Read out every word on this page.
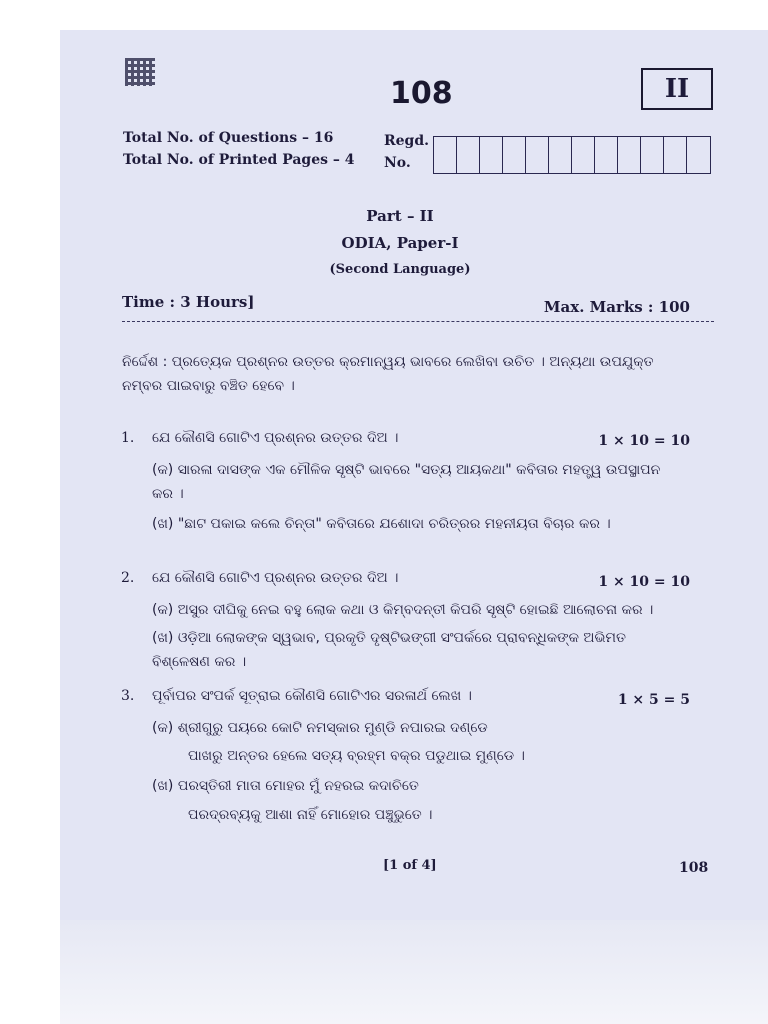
108	II
Total No. of Questions – 16
Total No. of Printed Pages – 4
Regd.
No.
Part – II
ODIA, Paper-I
(Second Language)
Time : 3 Hours]	Max. Marks : 100
ନିର୍ଦ୍ଦେଶ : ପ୍ରତ୍ୟେକ ପ୍ରଶ୍ନର ଉତ୍ତର କ୍ରମାନ୍ୱୟ ଭାବରେ ଲେଖିବା ଉଚିତ । ଅନ୍ୟଥା ଉପଯୁକ୍ତ ନମ୍ବର ପାଇବାରୁ ବଞ୍ଚିତ ହେବେ ।
1. ଯେ କୌଣସି ଗୋଟିଏ ପ୍ରଶ୍ନର ଉତ୍ତର ଦିଅ ।	1 × 10 = 10
(କ) ସାରଳା ଦାସଙ୍କ ଏକ ମୌଳିକ ସୃଷ୍ଟି ଭାବରେ "ସତ୍ୟ ଆୟକଥା" କବିତାର ମହତ୍ତ୍ୱ ଉପସ୍ଥାପନ କର ।
(ଖ) "ଛାଟ ପକାଇ କଲେ ଚିନ୍ତା" କବିତାରେ ଯଶୋଦା ଚରିତ୍ରର ମହନୀୟତା ବିଚାର କର ।
2. ଯେ କୌଣସି ଗୋଟିଏ ପ୍ରଶ୍ନର ଉତ୍ତର ଦିଅ ।	1 × 10 = 10
(କ) ଅସୁର ଦୀଘିକୁ ନେଇ ବହୁ ଲୋକ କଥା ଓ କିମ୍ବଦନ୍ତୀ କିପରି ସୃଷ୍ଟି ହୋଇଛି ଆଲୋଚନା କର ।
(ଖ) ଓଡ଼ିଆ ଲୋକଙ୍କ ସ୍ୱଭାବ, ପ୍ରକୃତି ଦୃଷ୍ଟିଭଙ୍ଗୀ ସଂପର୍କରେ ପ୍ରାବନ୍ଧିକଙ୍କ ଅଭିମତ ବିଶ୍ଳେଷଣ କର ।
3. ପୂର୍ବାପର ସଂପର୍କ ସୂତ୍ରାଇ କୌଣସି ଗୋଟିଏର ସରଳାର୍ଥ ଲେଖ ।	1 × 5 = 5
(କ) ଶ୍ରୀଗୁରୁ ପୟରେ କୋଟି ନମସ୍କାର ମୁଣ୍ଡି ନପାରଇ ଦଣ୍ଡେ
ପାଖରୁ ଅନ୍ତର ହେଲେ ସତ୍ୟ ବ୍ରହ୍ମ ବକ୍ର ପଡୁଥାଇ ମୁଣ୍ଡେ ।
(ଖ) ପରସ୍ତିରୀ ମାତା ମୋହର ମୁଁ ନହରଇ କଦାଚିତେ
ପରଦ୍ରବ୍ୟକୁ ଆଶା ନାହିଁ ମୋହୋର ପଞ୍ଚୁଭୁତେ ।
[1 of 4]	108
